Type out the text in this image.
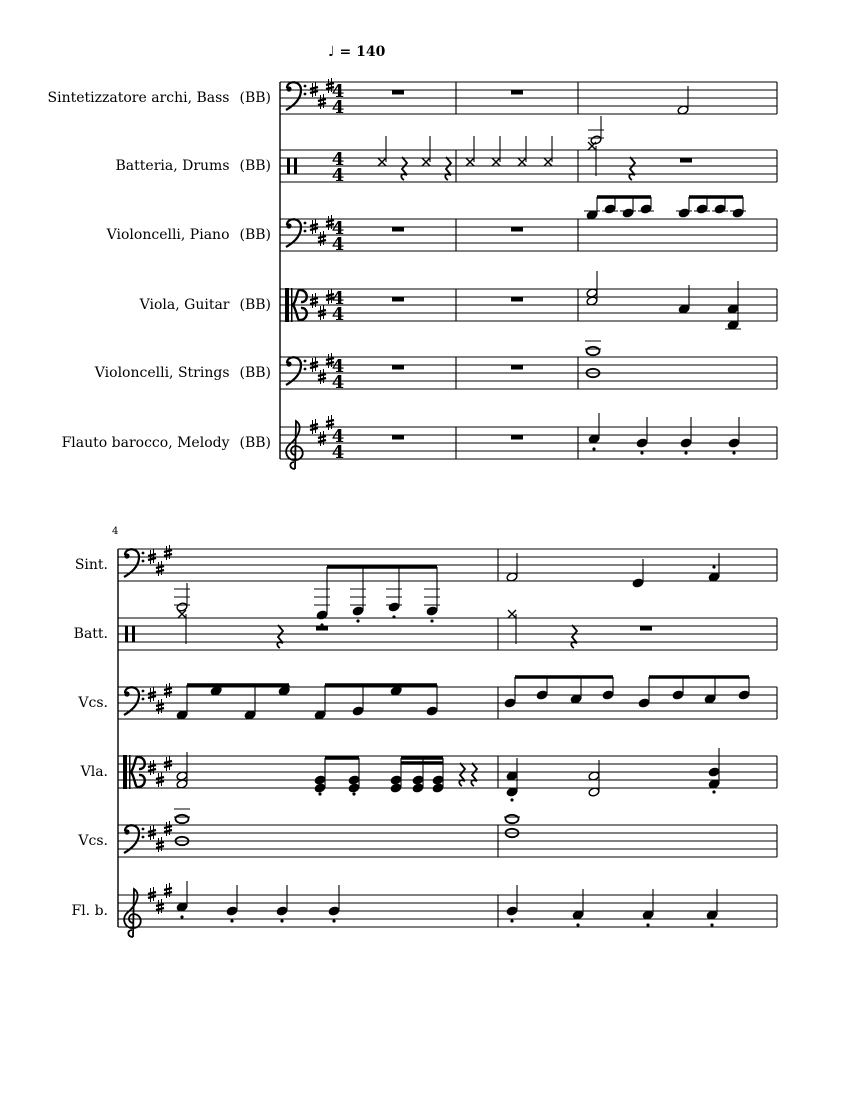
♩ = 140
4
Sintetizzatore archi, Bass (BB)
Batteria, Drums (BB)
Violoncelli, Piano (BB)
Viola, Guitar (BB)
Violoncelli, Strings (BB)
Flauto barocco, Melody (BB)
Sint.
Batt.
Vcs.
Vla.
Vcs.
Fl. b.
4
4
4
4
4
4
4
4
4
4
4
4
